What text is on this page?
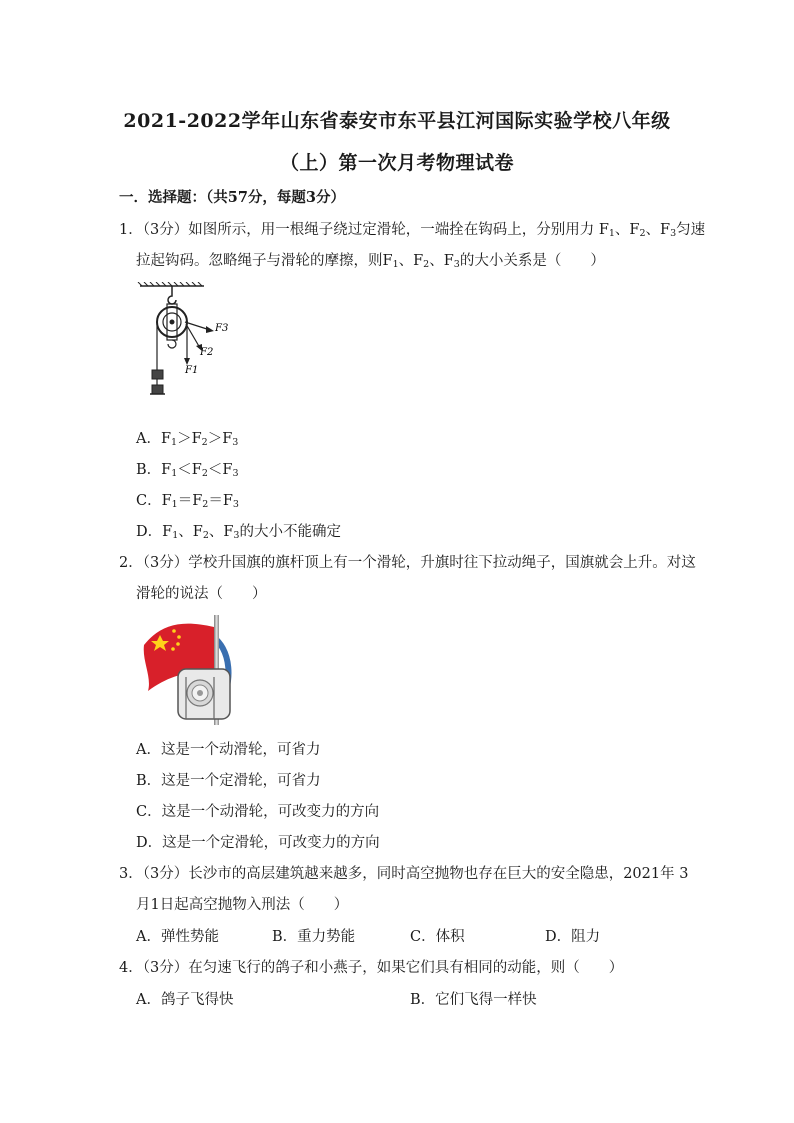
2021-2022学年山东省泰安市东平县江河国际实验学校八年级
（上）第一次月考物理试卷
一．选择题：（共57分，每题3分）
1．（3分）如图所示，用一根绳子绕过定滑轮，一端拴在钩码上，分别用力 $F_1$、$F_2$、$F_3$匀速
拉起钩码。忽略绳子与滑轮的摩擦，则$F_1$、$F_2$、$F_3$的大小关系是（　　）
F3
F2
F1
A．$F_1>F_2>F_3$
B．$F_1<F_2<F_3$
C．$F_1=F_2=F_3$
D．$F_1$、$F_2$、$F_3$的大小不能确定
2．（3分）学校升国旗的旗杆顶上有一个滑轮，升旗时往下拉动绳子，国旗就会上升。对这
滑轮的说法（　　）
A．这是一个动滑轮，可省力
B．这是一个定滑轮，可省力
C．这是一个动滑轮，可改变力的方向
D．这是一个定滑轮，可改变力的方向
3．（3分）长沙市的高层建筑越来越多，同时高空抛物也存在巨大的安全隐患，2021年 3
月1日起高空抛物入刑法（　　）
A．弹性势能	B．重力势能	C．体积	D．阻力
4．（3分）在匀速飞行的鸽子和小燕子，如果它们具有相同的动能，则（　　）
A．鸽子飞得快	B．它们飞得一样快
